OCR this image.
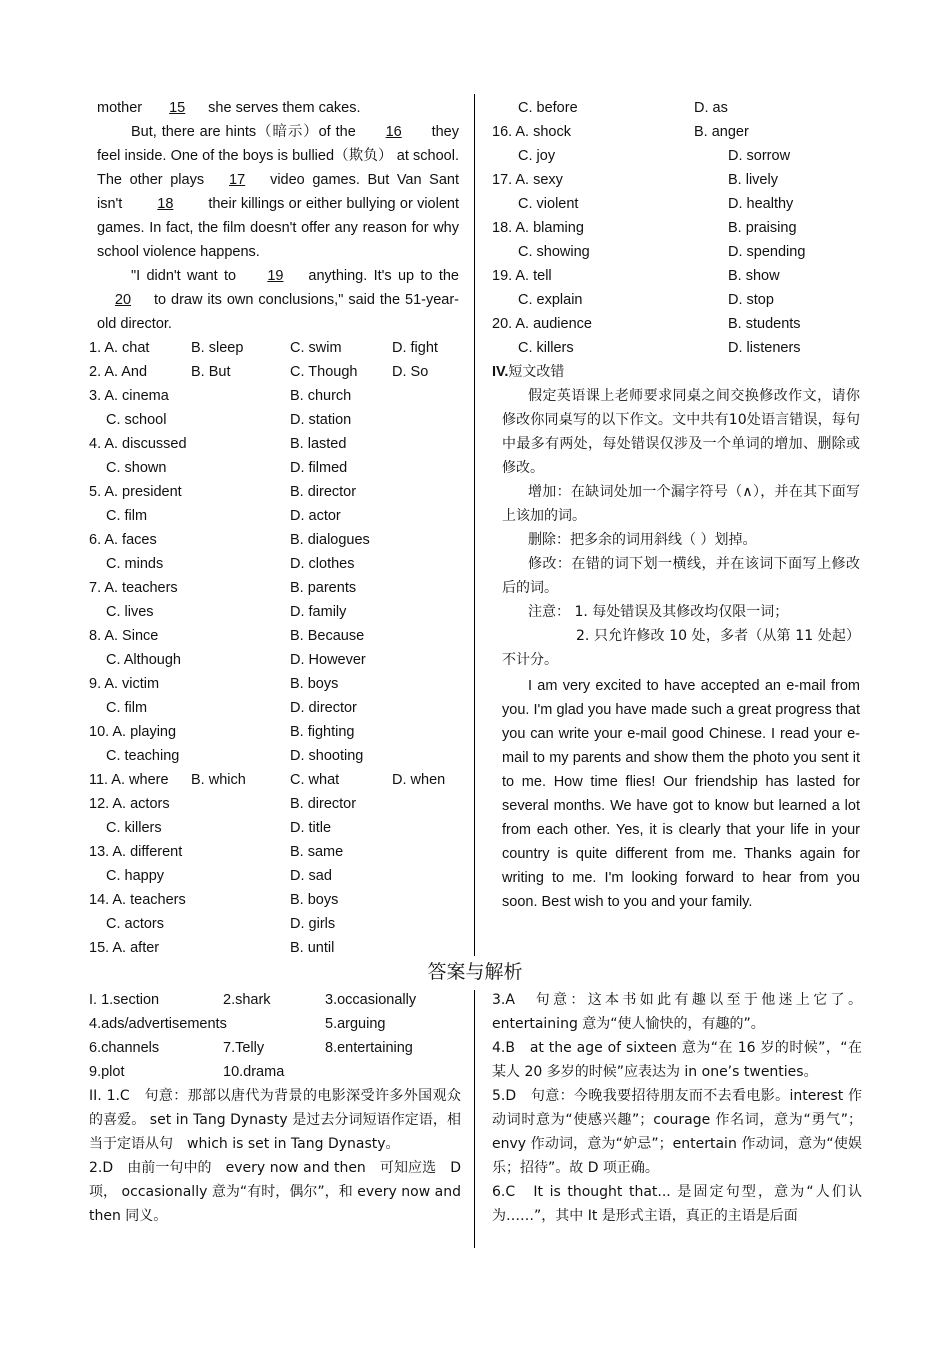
mother 15 she serves them cakes.
But, there are hints（暗示）of the 16 they feel inside. One of the boys is bullied（欺负） at school. The other plays 17 video games. But Van Sant isn't 18 their killings or either bullying or violent games. In fact, the film doesn't offer any reason for why school violence happens.
"I didn't want to 19 anything. It's up to the 20 to draw its own conclusions," said the 51-year-old director.
1. A. chat	B. sleep	C. swim	D. fight
2. A. And	B. But	C. Though D. So
3. A. cinema	B. church
C. school	D. station
4. A. discussed	B. lasted
C. shown	D. filmed
5. A. president	B. director
C. film	D. actor
6. A. faces	B. dialogues
C. minds	D. clothes
7. A. teachers	B. parents
C. lives	D. family
8. A. Since	B. Because
C. Although	D. However
9. A. victim	B. boys
C. film	D. director
10. A. playing	B. fighting
C. teaching	D. shooting
11. A. where B. which	C. what	D. when
12. A. actors	B. director
C. killers	D. title
13. A. different	B. same
C. happy	D. sad
14. A. teachers	B. boys
C. actors	D. girls
15. A. after	B. until
C. before	D. as
16. A. shock	B. anger
C. joy	D. sorrow
17. A. sexy	B. lively
C. violent	D. healthy
18. A. blaming	B. praising
C. showing	D. spending
19. A. tell	B. show
C. explain	D. stop
20. A. audience	B. students
C. killers	D. listeners
IV.短文改错
假定英语课上老师要求同桌之间交换修改作文，请你修改你同桌写的以下作文。文中共有10处语言错误，每句中最多有两处，每处错误仅涉及一个单词的增加、删除或修改。
增加：在缺词处加一个漏字符号（∧），并在其下面写上该加的词。
删除：把多余的词用斜线（ ）划掉。
修改：在错的词下划一横线，并在该词下面写上修改后的词。
注意： 1. 每处错误及其修改均仅限一词；
2. 只允许修改 10 处，多者（从第 11 处起）不计分。
I am very excited to have accepted an e-mail from you. I'm glad you have made such a great progress that you can write your e-mail good Chinese. I read your e-mail to my parents and show them the photo you sent it to me. How time flies! Our friendship has lasted for several months. We have got to know but learned a lot from each other. Yes, it is clearly that your life in your country is quite different from me. Thanks again for writing to me. I'm looking forward to hear from you soon. Best wish to you and your family.
答案与解析
I. 1.section	2.shark	3.occasionally
4.ads/advertisements	5.arguing
6.channels	7.Telly	8.entertaining
9.plot	10.drama
II. 1.C　句意：那部以唐代为背景的电影深受许多外国观众的喜爱。 set in Tang Dynasty 是过去分词短语作定语，相当于定语从句　which is set in Tang Dynasty。
2.D　由前一句中的　every now and then　可知应选　D 项， occasionally 意为“有时，偶尔”，和 every now and then 同义。
3.A　句意：这本书如此有趣以至于他迷上它了。entertaining 意为“使人愉快的，有趣的”。
4.B　at the age of sixteen 意为“在 16 岁的时候”，“在某人 20 多岁的时候”应表达为 in one’s twenties。
5.D　句意：今晚我要招待朋友而不去看电影。interest 作动词时意为“使感兴趣”；courage 作名词，意为“勇气”；envy 作动词，意为“妒忌”；entertain 作动词，意为“使娱乐；招待”。故 D 项正确。
6.C　It is thought that... 是固定句型，意为“人们认为……”，其中 It 是形式主语，真正的主语是后面
